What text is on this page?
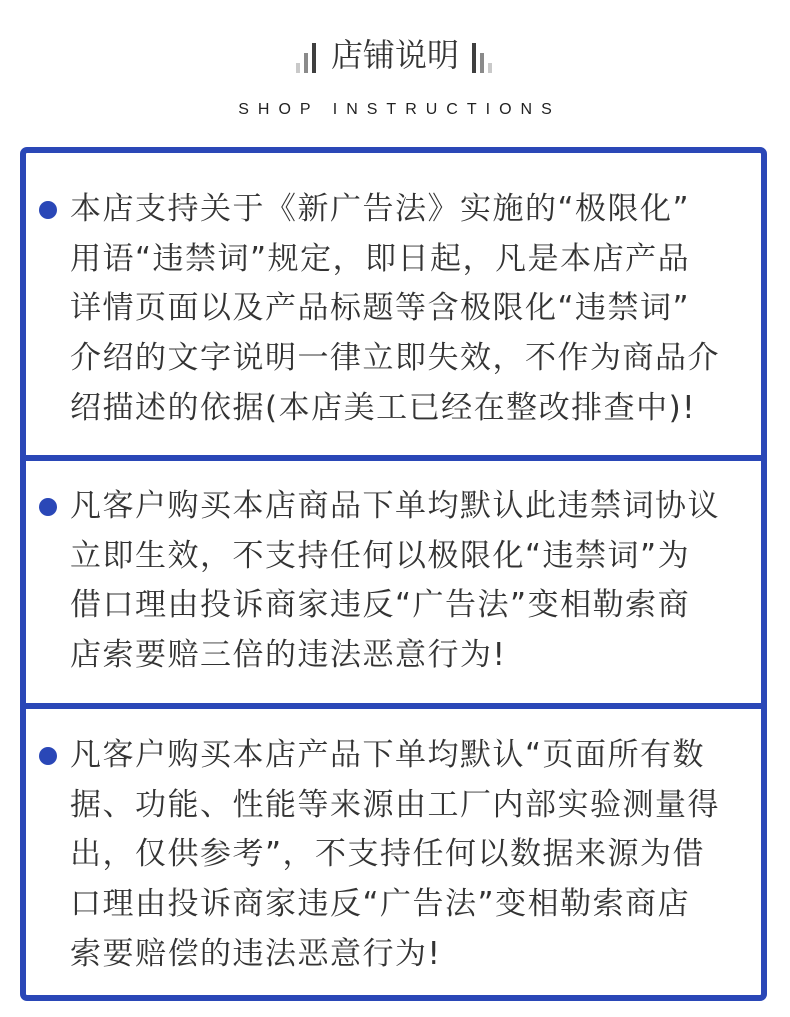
店铺说明
SHOP INSTRUCTIONS
本店支持关于《新广告法》实施的“极限化”
用语“违禁词”规定，即日起，凡是本店产品
详情页面以及产品标题等含极限化“违禁词”
介绍的文字说明一律立即失效，不作为商品介
绍描述的依据(本店美工已经在整改排查中)!
凡客户购买本店商品下单均默认此违禁词协议
立即生效，不支持任何以极限化“违禁词”为
借口理由投诉商家违反“广告法”变相勒索商
店索要赔三倍的违法恶意行为!
凡客户购买本店产品下单均默认“页面所有数
据、功能、性能等来源由工厂内部实验测量得
出，仅供参考”，不支持任何以数据来源为借
口理由投诉商家违反“广告法”变相勒索商店
索要赔偿的违法恶意行为!
